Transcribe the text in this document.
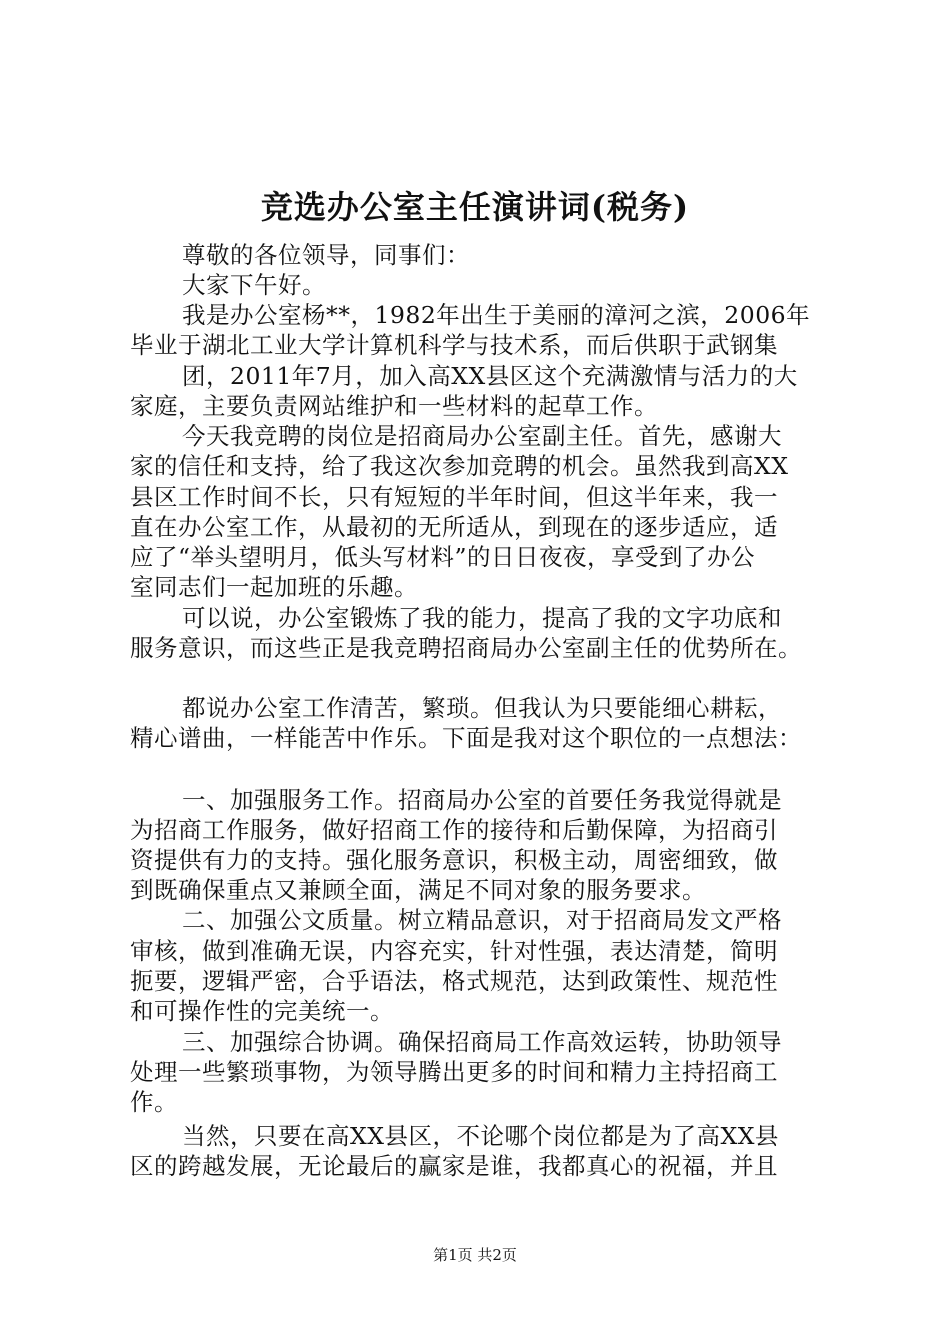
竞选办公室主任演讲词(税务)
尊敬的各位领导，同事们：
大家下午好。
我是办公室杨**，1982年出生于美丽的漳河之滨，2006年
毕业于湖北工业大学计算机科学与技术系，而后供职于武钢集
团，2011年7月，加入高XX县区这个充满激情与活力的大
家庭，主要负责网站维护和一些材料的起草工作。
今天我竞聘的岗位是招商局办公室副主任。首先，感谢大
家的信任和支持，给了我这次参加竞聘的机会。虽然我到高XX
县区工作时间不长，只有短短的半年时间，但这半年来，我一
直在办公室工作，从最初的无所适从，到现在的逐步适应，适
应了“举头望明月，低头写材料”的日日夜夜，享受到了办公
室同志们一起加班的乐趣。
可以说，办公室锻炼了我的能力，提高了我的文字功底和
服务意识，而这些正是我竞聘招商局办公室副主任的优势所在。
都说办公室工作清苦，繁琐。但我认为只要能细心耕耘，
精心谱曲，一样能苦中作乐。下面是我对这个职位的一点想法：
一、加强服务工作。招商局办公室的首要任务我觉得就是
为招商工作服务，做好招商工作的接待和后勤保障，为招商引
资提供有力的支持。强化服务意识，积极主动，周密细致，做
到既确保重点又兼顾全面，满足不同对象的服务要求。
二、加强公文质量。树立精品意识，对于招商局发文严格
审核，做到准确无误，内容充实，针对性强，表达清楚，简明
扼要，逻辑严密，合乎语法，格式规范，达到政策性、规范性
和可操作性的完美统一。
三、加强综合协调。确保招商局工作高效运转，协助领导
处理一些繁琐事物，为领导腾出更多的时间和精力主持招商工
作。
当然，只要在高XX县区，不论哪个岗位都是为了高XX县
区的跨越发展，无论最后的赢家是谁，我都真心的祝福，并且
第1页 共2页
